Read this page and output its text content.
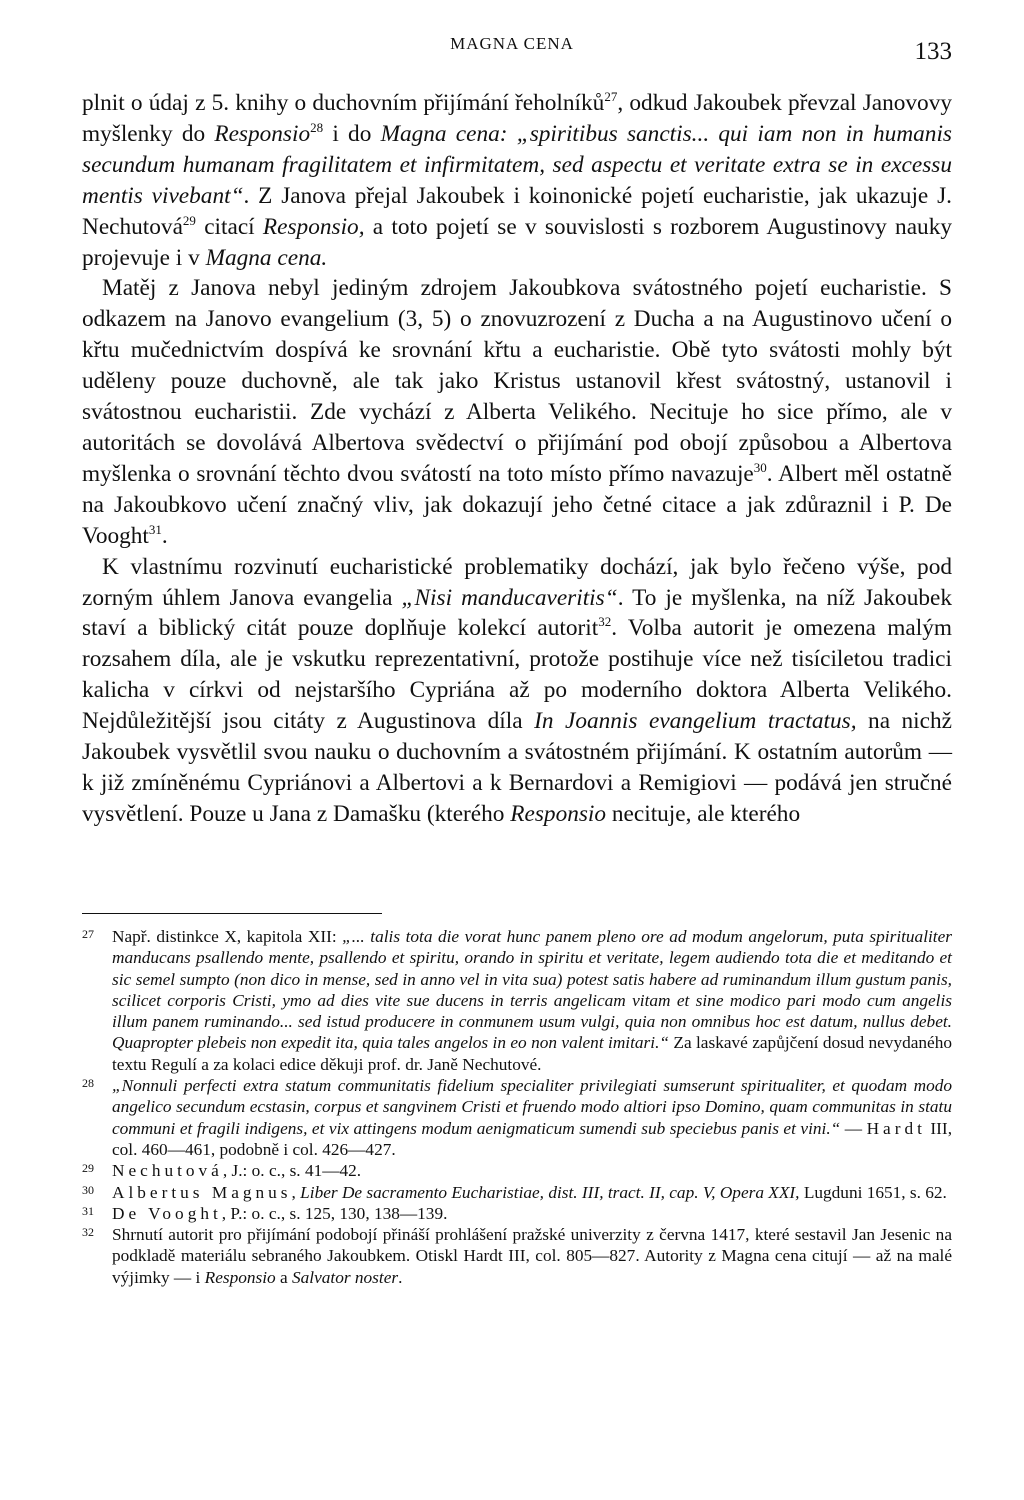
MAGNA CENA	133

plnit o údaj z 5. knihy o duchovním přijímání řeholníků$^{27}$, odkud Jakoubek převzal Janovovy myšlenky do Responsio$^{28}$ i do Magna cena: „spiritibus sanctis... qui iam non in humanis secundum humanam fragilitatem et infirmitatem, sed aspectu et veritate extra se in excessu mentis vivebant“. Z Janova přejal Jakoubek i koinonické pojetí eucharistie, jak ukazuje J. Nechutová$^{29}$ citací Responsio, a toto pojetí se v souvislosti s rozborem Augustinovy nauky projevuje i v Magna cena.

Matěj z Janova nebyl jediným zdrojem Jakoubkova svátostného pojetí eucharistie. S odkazem na Janovo evangelium (3, 5) o znovuzrození z Ducha a na Augustinovo učení o křtu mučednictvím dospívá ke srovnání křtu a eucharistie. Obě tyto svátosti mohly být uděleny pouze duchovně, ale tak jako Kristus ustanovil křest svátostný, ustanovil i svátostnou eucharistii. Zde vychází z Alberta Velikého. Necituje ho sice přímo, ale v autoritách se dovolává Albertova svědectví o přijímání pod obojí způsobou a Albertova myšlenka o srovnání těchto dvou svátostí na toto místo přímo navazuje$^{30}$. Albert měl ostatně na Jakoubkovo učení značný vliv, jak dokazují jeho četné citace a jak zdůraznil i P. De Vooght$^{31}$.

K vlastnímu rozvinutí eucharistické problematiky dochází, jak bylo řečeno výše, pod zorným úhlem Janova evangelia „Nisi manducaveritis“. To je myšlenka, na níž Jakoubek staví a biblický citát pouze doplňuje kolekcí autorit$^{32}$. Volba autorit je omezena malým rozsahem díla, ale je vskutku reprezentativní, protože postihuje více než tisíciletou tradici kalicha v církvi od nejstaršího Cypriána až po moderního doktora Alberta Velikého. Nejdůležitější jsou citáty z Augustinova díla In Joannis evangelium tractatus, na nichž Jakoubek vysvětlil svou nauku o duchovním a svátostném přijímání. K ostatním autorům — k již zmíněnému Cypriánovi a Albertovi a k Bernardovi a Remigiovi — podává jen stručné vysvětlení. Pouze u Jana z Damašku (kterého Responsio necituje, ale kterého

27	Např. distinkce X, kapitola XII: „... talis tota die vorat hunc panem pleno ore ad modum angelorum, puta spiritualiter manducans psallendo mente, psallendo et spiritu, orando in spiritu et veritate, legem audiendo tota die et meditando et sic semel sumpto (non dico in mense, sed in anno vel in vita sua) potest satis habere ad ruminandum illum gustum panis, scilicet corporis Cristi, ymo ad dies vite sue ducens in terris angelicam vitam et sine modico pari modo cum angelis illum panem ruminando... sed istud producere in conmunem usum vulgi, quia non omnibus hoc est datum, nullus debet. Quapropter plebeis non expedit ita, quia tales angelos in eo non valent imitari.“ Za laskavé zapůjčení dosud nevydaného textu Regulí a za kolaci edice děkuji prof. dr. Janě Nechutové.
28	„Nonnuli perfecti extra statum communitatis fidelium specialiter privilegiati sumserunt spiritualiter, et quodam modo angelico secundum ecstasin, corpus et sangvinem Cristi et fruendo modo altiori ipso Domino, quam communitas in statu communi et fragili indigens, et vix attingens modum aenigmaticum sumendi sub speciebus panis et vini.“ — Hardt III, col. 460—461, podobně i col. 426—427.
29	Nechutová, J.: o. c., s. 41—42.
30	Albertus Magnus, Liber De sacramento Eucharistiae, dist. III, tract. II, cap. V, Opera XXI, Lugduni 1651, s. 62.
31	De Vooght, P.: o. c., s. 125, 130, 138—139.
32	Shrnutí autorit pro přijímání podobojí přináší prohlášení pražské univerzity z června 1417, které sestavil Jan Jesenic na podkladě materiálu sebraného Jakoubkem. Otiskl Hardt III, col. 805—827. Autority z Magna cena citují — až na malé výjimky — i Responsio a Salvator noster.
